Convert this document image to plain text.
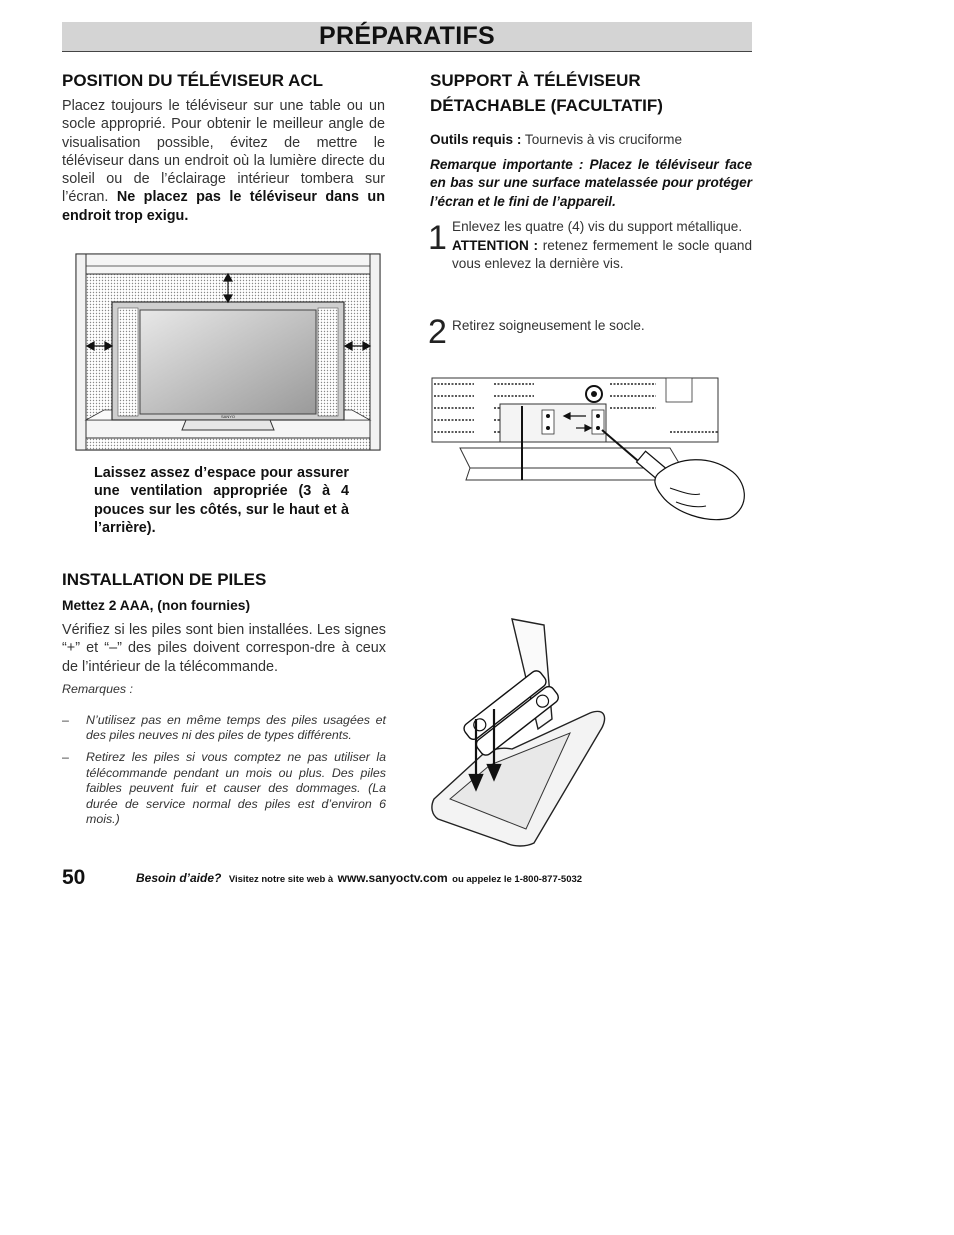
PRÉPARATIFS
POSITION DU TÉLÉVISEUR ACL

Placez toujours le téléviseur sur une table ou un socle approprié. Pour obtenir le meilleur angle de visualisation possible, évitez de mettre le téléviseur dans un endroit où la lumière directe du soleil ou de l’éclairage intérieur tombera sur l’écran. Ne placez pas le téléviseur dans un endroit trop exigu.

SANYO
Laissez assez d’espace pour assurer une ventilation appropriée (3 à 4 pouces sur les côtés, sur le haut et à l’arrière).
INSTALLATION DE PILES
Mettez 2 AAA, (non fournies)

Vérifiez si les piles sont bien installées. Les signes “+” et “–” des piles doivent correspon-dre à ceux de l’intérieur de la télécommande.

Remarques :
– N’utilisez pas en même temps des piles usagées et des piles neuves ni des piles de types différents.
– Retirez les piles si vous comptez ne pas utiliser la télécommande pendant un mois ou plus. Des piles faibles peuvent fuir et causer des dommages. (La durée de service normal des piles est d’environ 6 mois.)
SUPPORT À TÉLÉVISEUR
DÉTACHABLE (FACULTATIF)
Outils requis : Tournevis à vis cruciforme
Remarque importante : Placez le téléviseur face en bas sur une surface matelassée pour protéger l’écran et le fini de l’appareil.
1 Enlevez les quatre (4) vis du support métallique.
ATTENTION : retenez fermement le socle quand vous enlevez la dernière vis.
2 Retirez soigneusement le socle.
50	Besoin d’aide? Visitez notre site web à www.sanyoctv.com ou appelez le 1-800-877-5032
